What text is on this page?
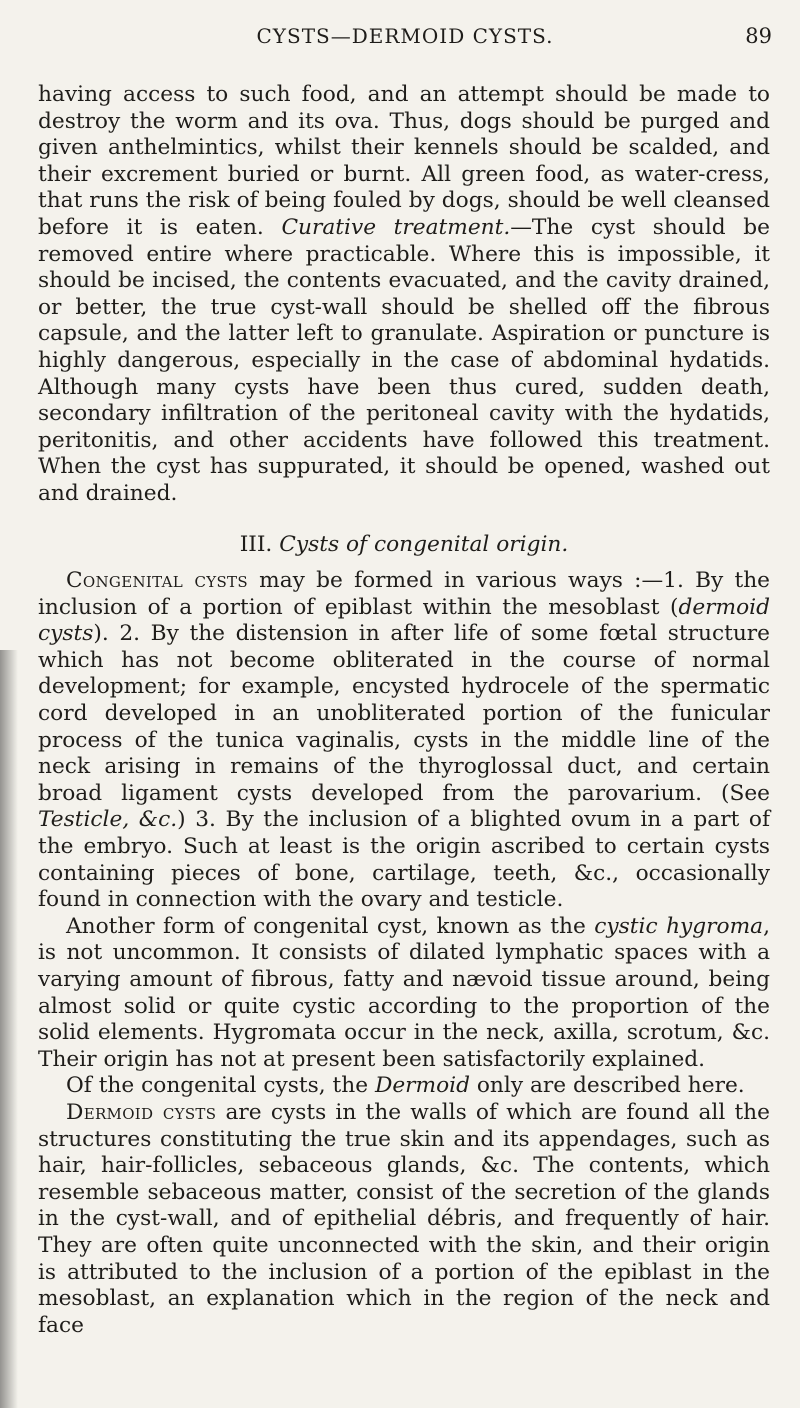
CYSTS—DERMOID CYSTS.	89

having access to such food, and an attempt should be made to destroy the worm and its ova. Thus, dogs should be purged and given anthelmintics, whilst their kennels should be scalded, and their excrement buried or burnt. All green food, as water-cress, that runs the risk of being fouled by dogs, should be well cleansed before it is eaten. Curative treatment.—The cyst should be removed entire where practicable. Where this is impossible, it should be incised, the contents evacuated, and the cavity drained, or better, the true cyst-wall should be shelled off the fibrous capsule, and the latter left to granulate. Aspiration or puncture is highly dangerous, especially in the case of abdominal hydatids. Although many cysts have been thus cured, sudden death, secondary infiltration of the peritoneal cavity with the hydatids, peritonitis, and other accidents have followed this treatment. When the cyst has suppurated, it should be opened, washed out and drained.

III. Cysts of congenital origin.

Congenital cysts may be formed in various ways :—1. By the inclusion of a portion of epiblast within the mesoblast (dermoid cysts). 2. By the distension in after life of some fœtal structure which has not become obliterated in the course of normal development; for example, encysted hydrocele of the spermatic cord developed in an unobliterated portion of the funicular process of the tunica vaginalis, cysts in the middle line of the neck arising in remains of the thyroglossal duct, and certain broad ligament cysts developed from the parovarium. (See Testicle, &c.) 3. By the inclusion of a blighted ovum in a part of the embryo. Such at least is the origin ascribed to certain cysts containing pieces of bone, cartilage, teeth, &c., occasionally found in connection with the ovary and testicle.

Another form of congenital cyst, known as the cystic hygroma, is not uncommon. It consists of dilated lymphatic spaces with a varying amount of fibrous, fatty and nævoid tissue around, being almost solid or quite cystic according to the proportion of the solid elements. Hygromata occur in the neck, axilla, scrotum, &c. Their origin has not at present been satisfactorily explained.

Of the congenital cysts, the Dermoid only are described here.

Dermoid cysts are cysts in the walls of which are found all the structures constituting the true skin and its appendages, such as hair, hair-follicles, sebaceous glands, &c. The contents, which resemble sebaceous matter, consist of the secretion of the glands in the cyst-wall, and of epithelial débris, and frequently of hair. They are often quite unconnected with the skin, and their origin is attributed to the inclusion of a portion of the epiblast in the mesoblast, an explanation which in the region of the neck and face
